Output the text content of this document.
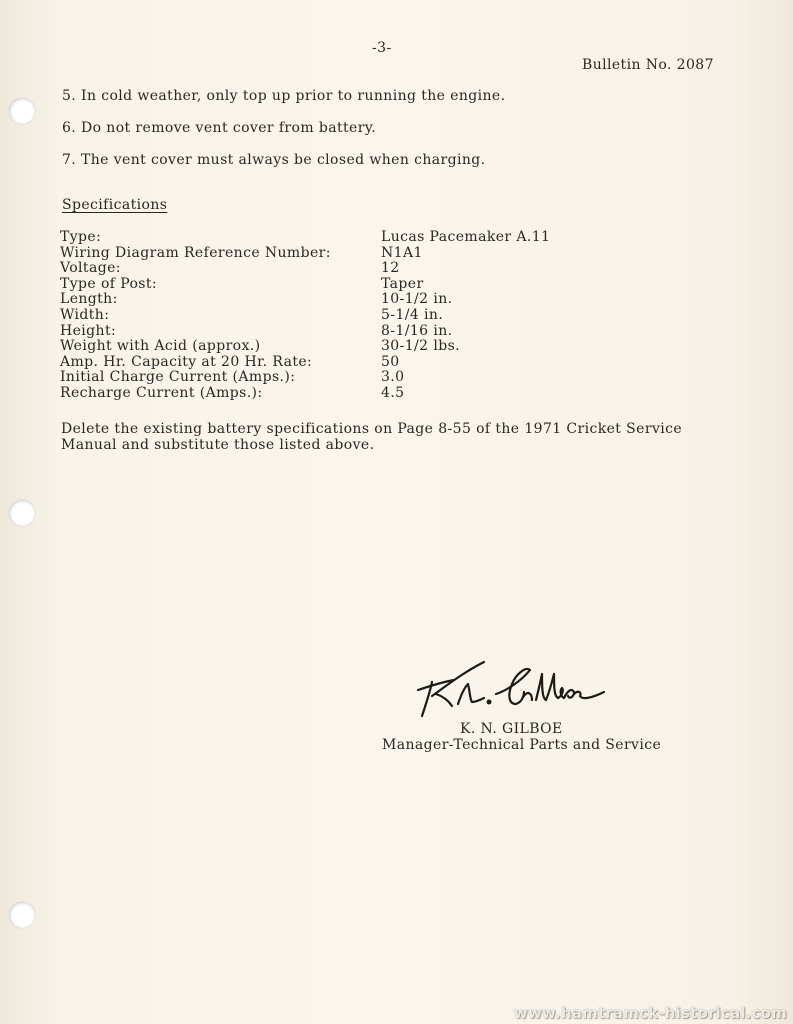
-3-
Bulletin No. 2087
5. In cold weather, only top up prior to running the engine.
6. Do not remove vent cover from battery.
7. The vent cover must always be closed when charging.
Specifications
Type:	Lucas Pacemaker A.11
Wiring Diagram Reference Number:	N1A1
Voltage:	12
Type of Post:	Taper
Length:	10-1/2 in.
Width:	5-1/4 in.
Height:	8-1/16 in.
Weight with Acid (approx.)	30-1/2 lbs.
Amp. Hr. Capacity at 20 Hr. Rate:	50
Initial Charge Current (Amps.):	3.0
Recharge Current (Amps.):	4.5
Delete the existing battery specifications on Page 8-55 of the 1971 Cricket Service Manual and substitute those listed above.
K. N. GILBOE
Manager-Technical Parts and Service
www.hamtramck-historical.com
